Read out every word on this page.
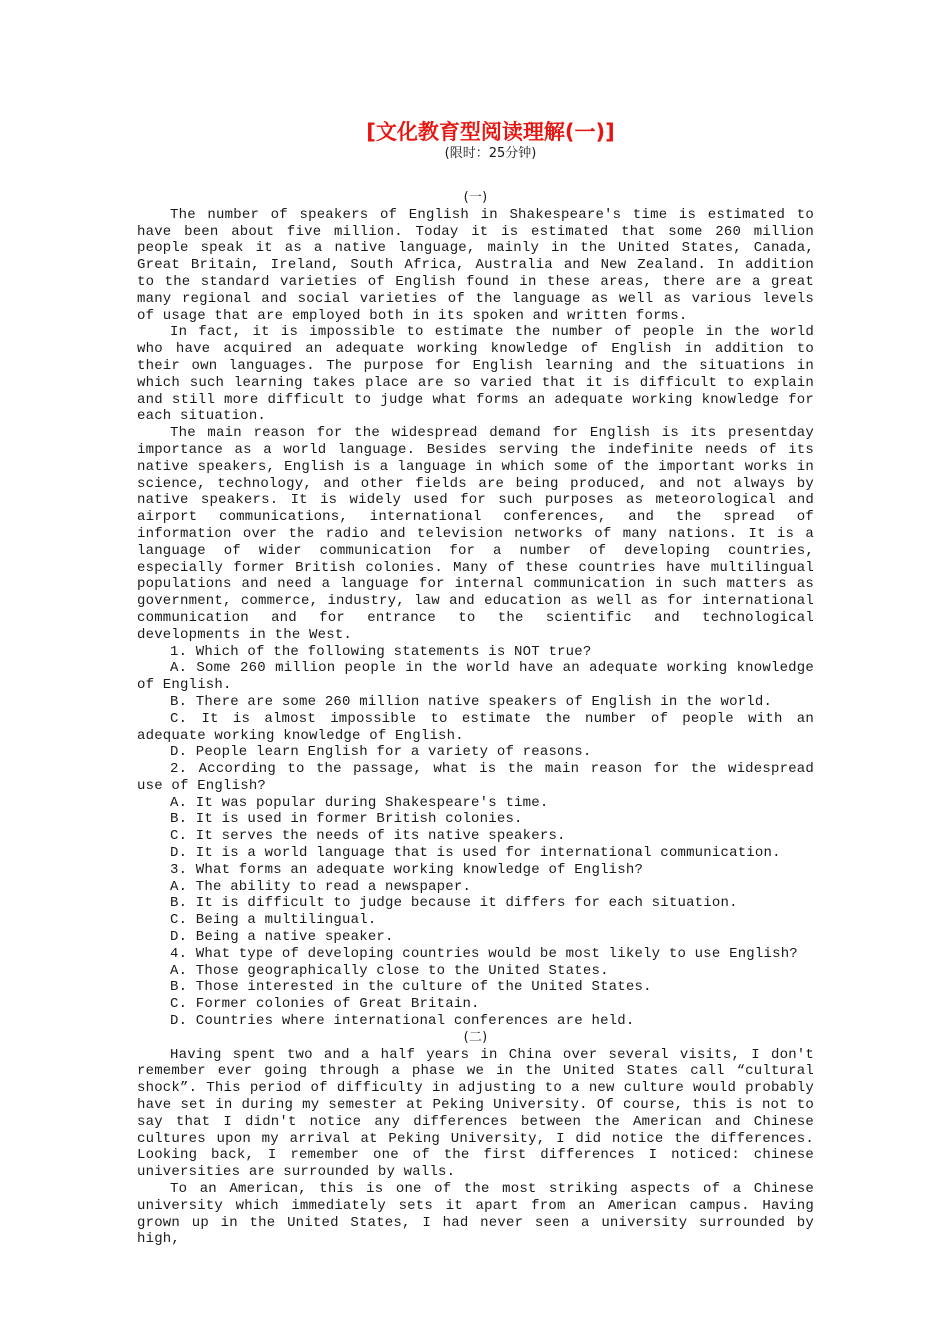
[文化教育型阅读理解(一)]
(限时：25分钟)

(一)

The number of speakers of English in Shakespeare's time is estimated to have been about five million. Today it is estimated that some 260 million people speak it as a native language, mainly in the United States, Canada, Great Britain, Ireland, South Africa, Australia and New Zealand. In addition to the standard varieties of English found in these areas, there are a great many regional and social varieties of the language as well as various levels of usage that are employed both in its spoken and written forms.

In fact, it is impossible to estimate the number of people in the world who have acquired an adequate working knowledge of English in addition to their own languages. The purpose for English learning and the situations in which such learning takes place are so varied that it is difficult to explain and still more difficult to judge what forms an adequate working knowledge for each situation.

The main reason for the widespread demand for English is its presentday importance as a world language. Besides serving the indefinite needs of its native speakers, English is a language in which some of the important works in science, technology, and other fields are being produced, and not always by native speakers. It is widely used for such purposes as meteorological and airport communications, international conferences, and the spread of information over the radio and television networks of many nations. It is a language of wider communication for a number of developing countries, especially former British colonies. Many of these countries have multilingual populations and need a language for internal communication in such matters as government, commerce, industry, law and education as well as for international communication and for entrance to the scientific and technological developments in the West.

1. Which of the following statements is NOT true?

A. Some 260 million people in the world have an adequate working knowledge of English.

B. There are some 260 million native speakers of English in the world.

C. It is almost impossible to estimate the number of people with an adequate working knowledge of English.

D. People learn English for a variety of reasons.

2. According to the passage, what is the main reason for the widespread use of English?

A. It was popular during Shakespeare's time.

B. It is used in former British colonies.

C. It serves the needs of its native speakers.

D. It is a world language that is used for international communication.

3. What forms an adequate working knowledge of English?

A. The ability to read a newspaper.

B. It is difficult to judge because it differs for each situation.

C. Being a multilingual.

D. Being a native speaker.

4. What type of developing countries would be most likely to use English?

A. Those geographically close to the United States.

B. Those interested in the culture of the United States.

C. Former colonies of Great Britain.

D. Countries where international conferences are held.

(二)

Having spent two and a half years in China over several visits, I don't remember ever going through a phase we in the United States call “cultural shock”. This period of difficulty in adjusting to a new culture would probably have set in during my semester at Peking University. Of course, this is not to say that I didn't notice any differences between the American and Chinese cultures upon my arrival at Peking University, I did notice the differences. Looking back, I remember one of the first differences I noticed: chinese universities are surrounded by walls.

To an American, this is one of the most striking aspects of a Chinese university which immediately sets it apart from an American campus. Having grown up in the United States, I had never seen a university surrounded by high,
